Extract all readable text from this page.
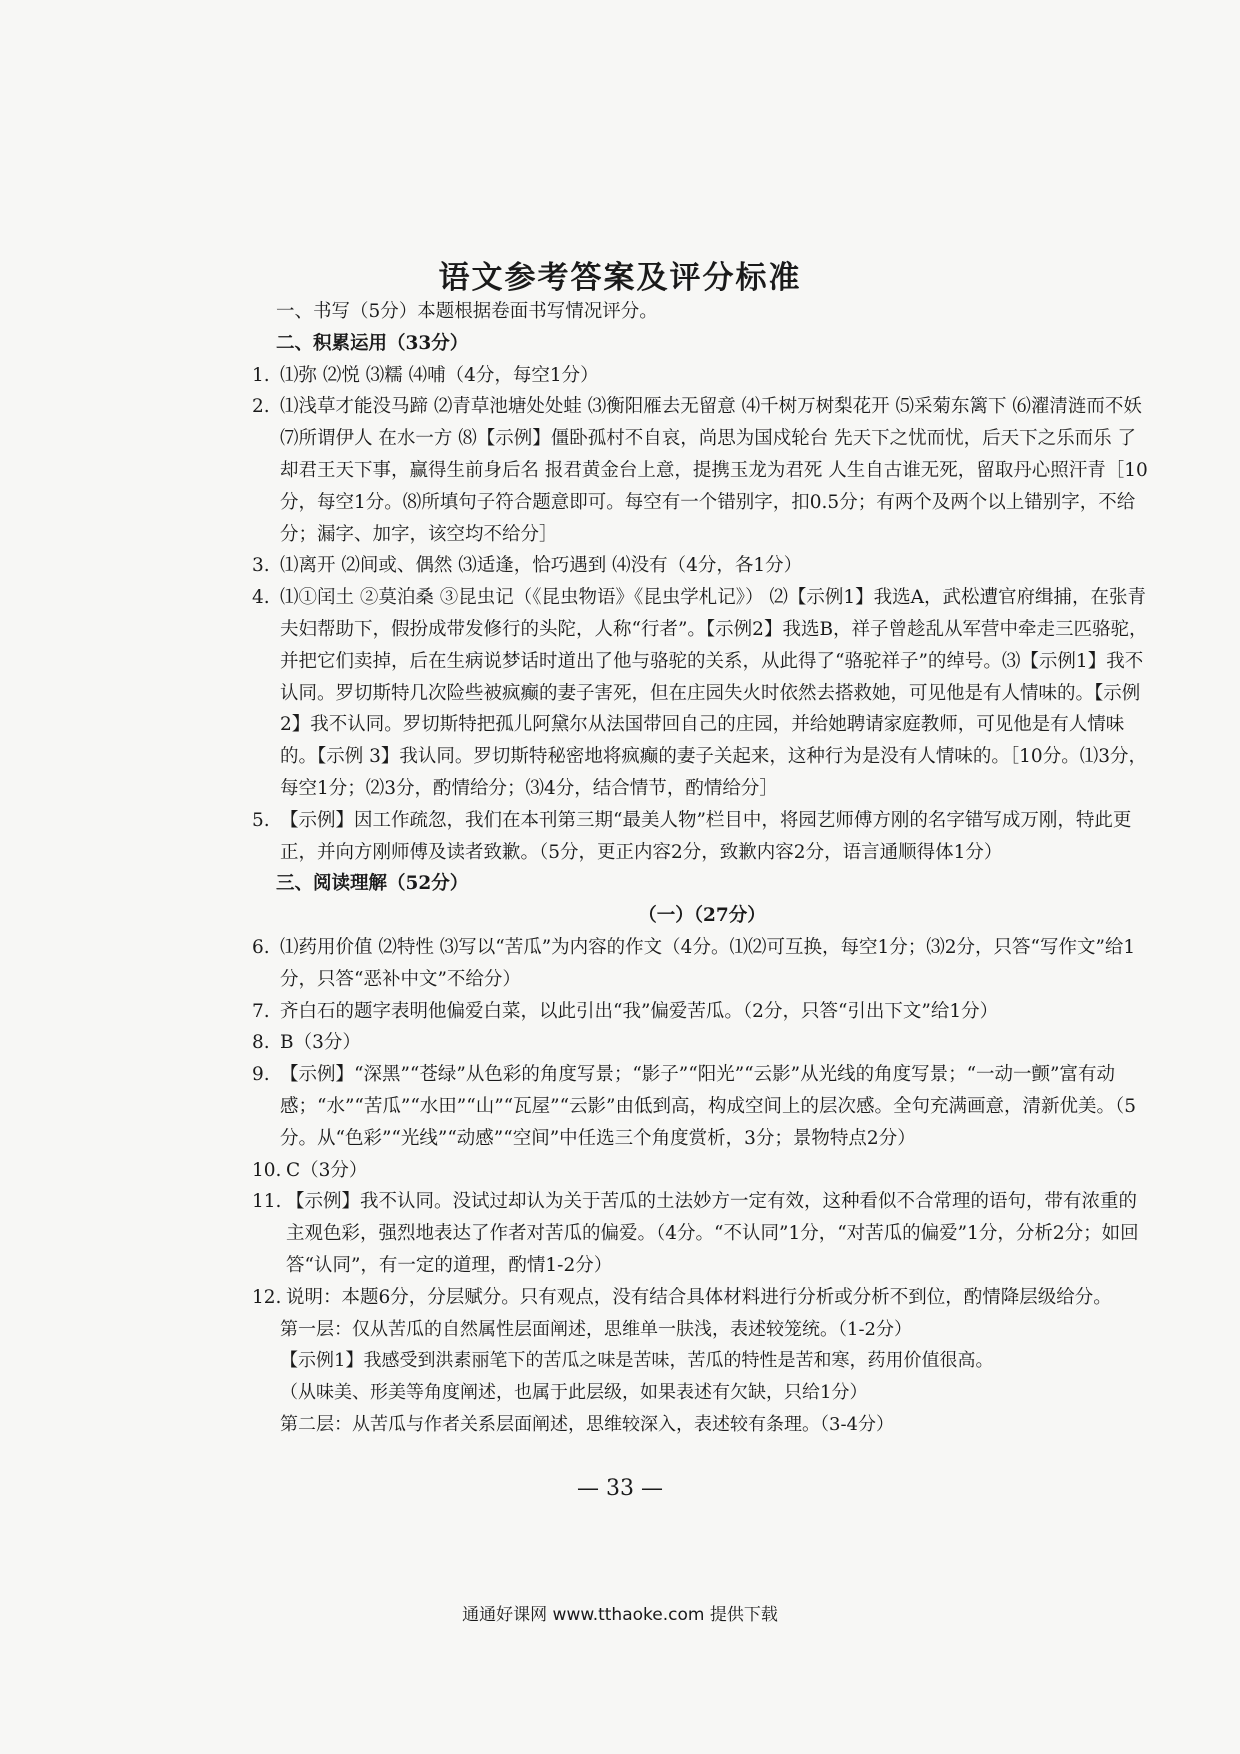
语文参考答案及评分标准
一、书写（5分）本题根据卷面书写情况评分。
二、积累运用（33分）
1. ⑴弥 ⑵悦 ⑶糯 ⑷哺（4分，每空1分）
2. ⑴浅草才能没马蹄 ⑵青草池塘处处蛙 ⑶衡阳雁去无留意 ⑷千树万树梨花开 ⑸采菊东篱下 ⑹濯清涟而不妖 ⑺所谓伊人 在水一方 ⑻【示例】僵卧孤村不自哀，尚思为国戍轮台 先天下之忧而忧，后天下之乐而乐 了却君王天下事，赢得生前身后名 报君黄金台上意，提携玉龙为君死 人生自古谁无死，留取丹心照汗青［10分，每空1分。⑻所填句子符合题意即可。每空有一个错别字，扣0.5分；有两个及两个以上错别字，不给分；漏字、加字，该空均不给分］
3. ⑴离开 ⑵间或、偶然 ⑶适逢，恰巧遇到 ⑷没有（4分，各1分）
4. ⑴①闰土 ②莫泊桑 ③昆虫记（《昆虫物语》《昆虫学札记》） ⑵【示例1】我选A，武松遭官府缉捕，在张青夫妇帮助下，假扮成带发修行的头陀，人称“行者”。【示例2】我选B，祥子曾趁乱从军营中牵走三匹骆驼，并把它们卖掉，后在生病说梦话时道出了他与骆驼的关系，从此得了“骆驼祥子”的绰号。⑶【示例1】我不认同。罗切斯特几次险些被疯癫的妻子害死，但在庄园失火时依然去搭救她，可见他是有人情味的。【示例 2】我不认同。罗切斯特把孤儿阿黛尔从法国带回自己的庄园，并给她聘请家庭教师，可见他是有人情味的。【示例 3】我认同。罗切斯特秘密地将疯癫的妻子关起来，这种行为是没有人情味的。［10分。⑴3分，每空1分；⑵3分，酌情给分；⑶4分，结合情节，酌情给分］
5. 【示例】因工作疏忽，我们在本刊第三期“最美人物”栏目中，将园艺师傅方刚的名字错写成万刚，特此更正，并向方刚师傅及读者致歉。（5分，更正内容2分，致歉内容2分，语言通顺得体1分）
三、阅读理解（52分）
（一）（27分）
6. ⑴药用价值 ⑵特性 ⑶写以“苦瓜”为内容的作文（4分。⑴⑵可互换，每空1分；⑶2分，只答“写作文”给1分，只答“恶补中文”不给分）
7. 齐白石的题字表明他偏爱白菜，以此引出“我”偏爱苦瓜。（2分，只答“引出下文”给1分）
8. B（3分）
9. 【示例】“深黑”“苍绿”从色彩的角度写景；“影子”“阳光”“云影”从光线的角度写景；“一动一颤”富有动感；“水”“苦瓜”“水田”“山”“瓦屋”“云影”由低到高，构成空间上的层次感。全句充满画意，清新优美。（5分。从“色彩”“光线”“动感”“空间”中任选三个角度赏析，3分；景物特点2分）
10. C（3分）
11. 【示例】我不认同。没试过却认为关于苦瓜的土法妙方一定有效，这种看似不合常理的语句，带有浓重的主观色彩，强烈地表达了作者对苦瓜的偏爱。（4分。“不认同”1分，“对苦瓜的偏爱”1分，分析2分；如回答“认同”，有一定的道理，酌情1-2分）
12. 说明：本题6分，分层赋分。只有观点，没有结合具体材料进行分析或分析不到位，酌情降层级给分。
第一层：仅从苦瓜的自然属性层面阐述，思维单一肤浅，表述较笼统。（1-2分）
【示例1】我感受到洪素丽笔下的苦瓜之味是苦味，苦瓜的特性是苦和寒，药用价值很高。
（从味美、形美等角度阐述，也属于此层级，如果表述有欠缺，只给1分）
第二层：从苦瓜与作者关系层面阐述，思维较深入，表述较有条理。（3-4分）
— 33 —
通通好课网 www.tthaoke.com 提供下载
